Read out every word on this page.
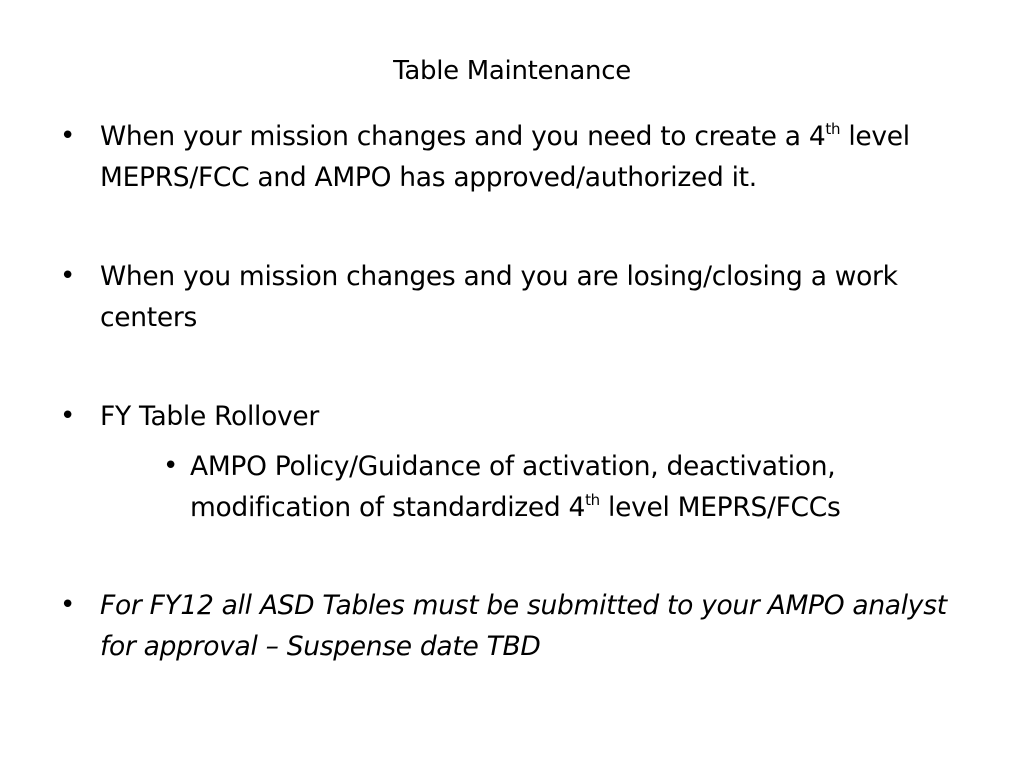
Table Maintenance
• When your mission changes and you need to create a 4th level MEPRS/FCC and AMPO has approved/authorized it.
• When you mission changes and you are losing/closing a work centers
• FY Table Rollover
• AMPO Policy/Guidance of activation, deactivation, modification of standardized 4th level MEPRS/FCCs
• For FY12 all ASD Tables must be submitted to your AMPO analyst for approval – Suspense date TBD
